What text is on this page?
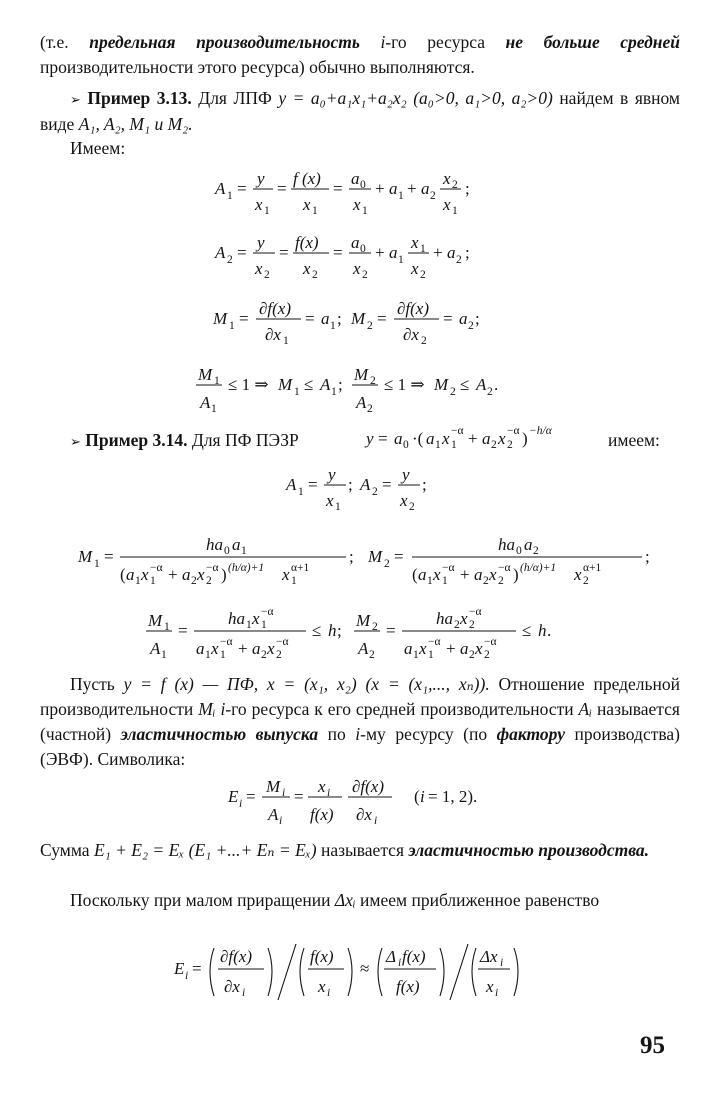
(т.е. предельная производительность i-го ресурса не больше средней производительности этого ресурса) обычно выполняются.
➢ Пример 3.13. Для ЛПФ y = a₀+a₁x₁+a₂x₂ (a₀>0, a₁>0, a₂>0) найдем в явном виде A₁, A₂, M₁ и M₂.
Имеем:
A 1 =
y
x 1
=
f (x)
x 1
=
a 0
x 1
+ a 1 + a 2
x 2
x 1
;
A 2 =
y
x 2
=
f(x)
x 2
=
a 0
x 2
+ a 1
x 1
x 2
+ a 2 ;
M 1 =
∂f(x)
∂x 1
= a 1 ; M 2 =
∂f(x)
∂x 2
= a 2 ;
M 1
A 1
≤ 1 ⇒ M 1 ≤ A 1 ;
M 2
A 2
≤ 1 ⇒ M 2 ≤ A 2 .
➢ Пример 3.14. Для ПФ ПЭЗР	y = a 0 ·( a 1 x 1
−α + a 2 x 2
−α ) −h/α	имеем:
A 1 =
y
x 1
; A 2 =
y
x 2
;
M 1 =
ha 0 a 1
( a 1 x 1
−α + a 2 x 2
−α ) (h/α)+1 x 1
α+1
; M 2 =
ha 0 a 2
( a 1 x 1
−α + a 2 x 2
−α ) (h/α)+1 x 2
α+1
;
M 1
A 1
=
ha 1 x 1
−α
a 1 x 1
−α + a 2 x 2
−α
≤ h ;
M 2
A 2
=
ha 2 x 2
−α
a 1 x 1
−α + a 2 x 2
−α
≤ h .
Пусть y = f (x) — ПФ, x = (x₁, x₂) (x = (x₁,..., xₙ)). Отношение предельной производительности Mᵢ i-го ресурса к его средней производительности Aᵢ называется (частной) эластичностью выпуска по i-му ресурсу (по фактору производства) (ЭВФ). Символика:
E i =
M i
A i
=
x i
f(x)
∂f(x)
∂x i
( i = 1, 2).
Сумма E₁ + E₂ = Eₓ (E₁ +...+ Eₙ = Eₓ) называется эластичностью производства.
Поскольку при малом приращении Δxᵢ имеем приближенное равенство
E i =
∂f(x)
∂x i
f(x)
x i
≈
Δ i f(x)
f(x)
Δx i
x i
95
